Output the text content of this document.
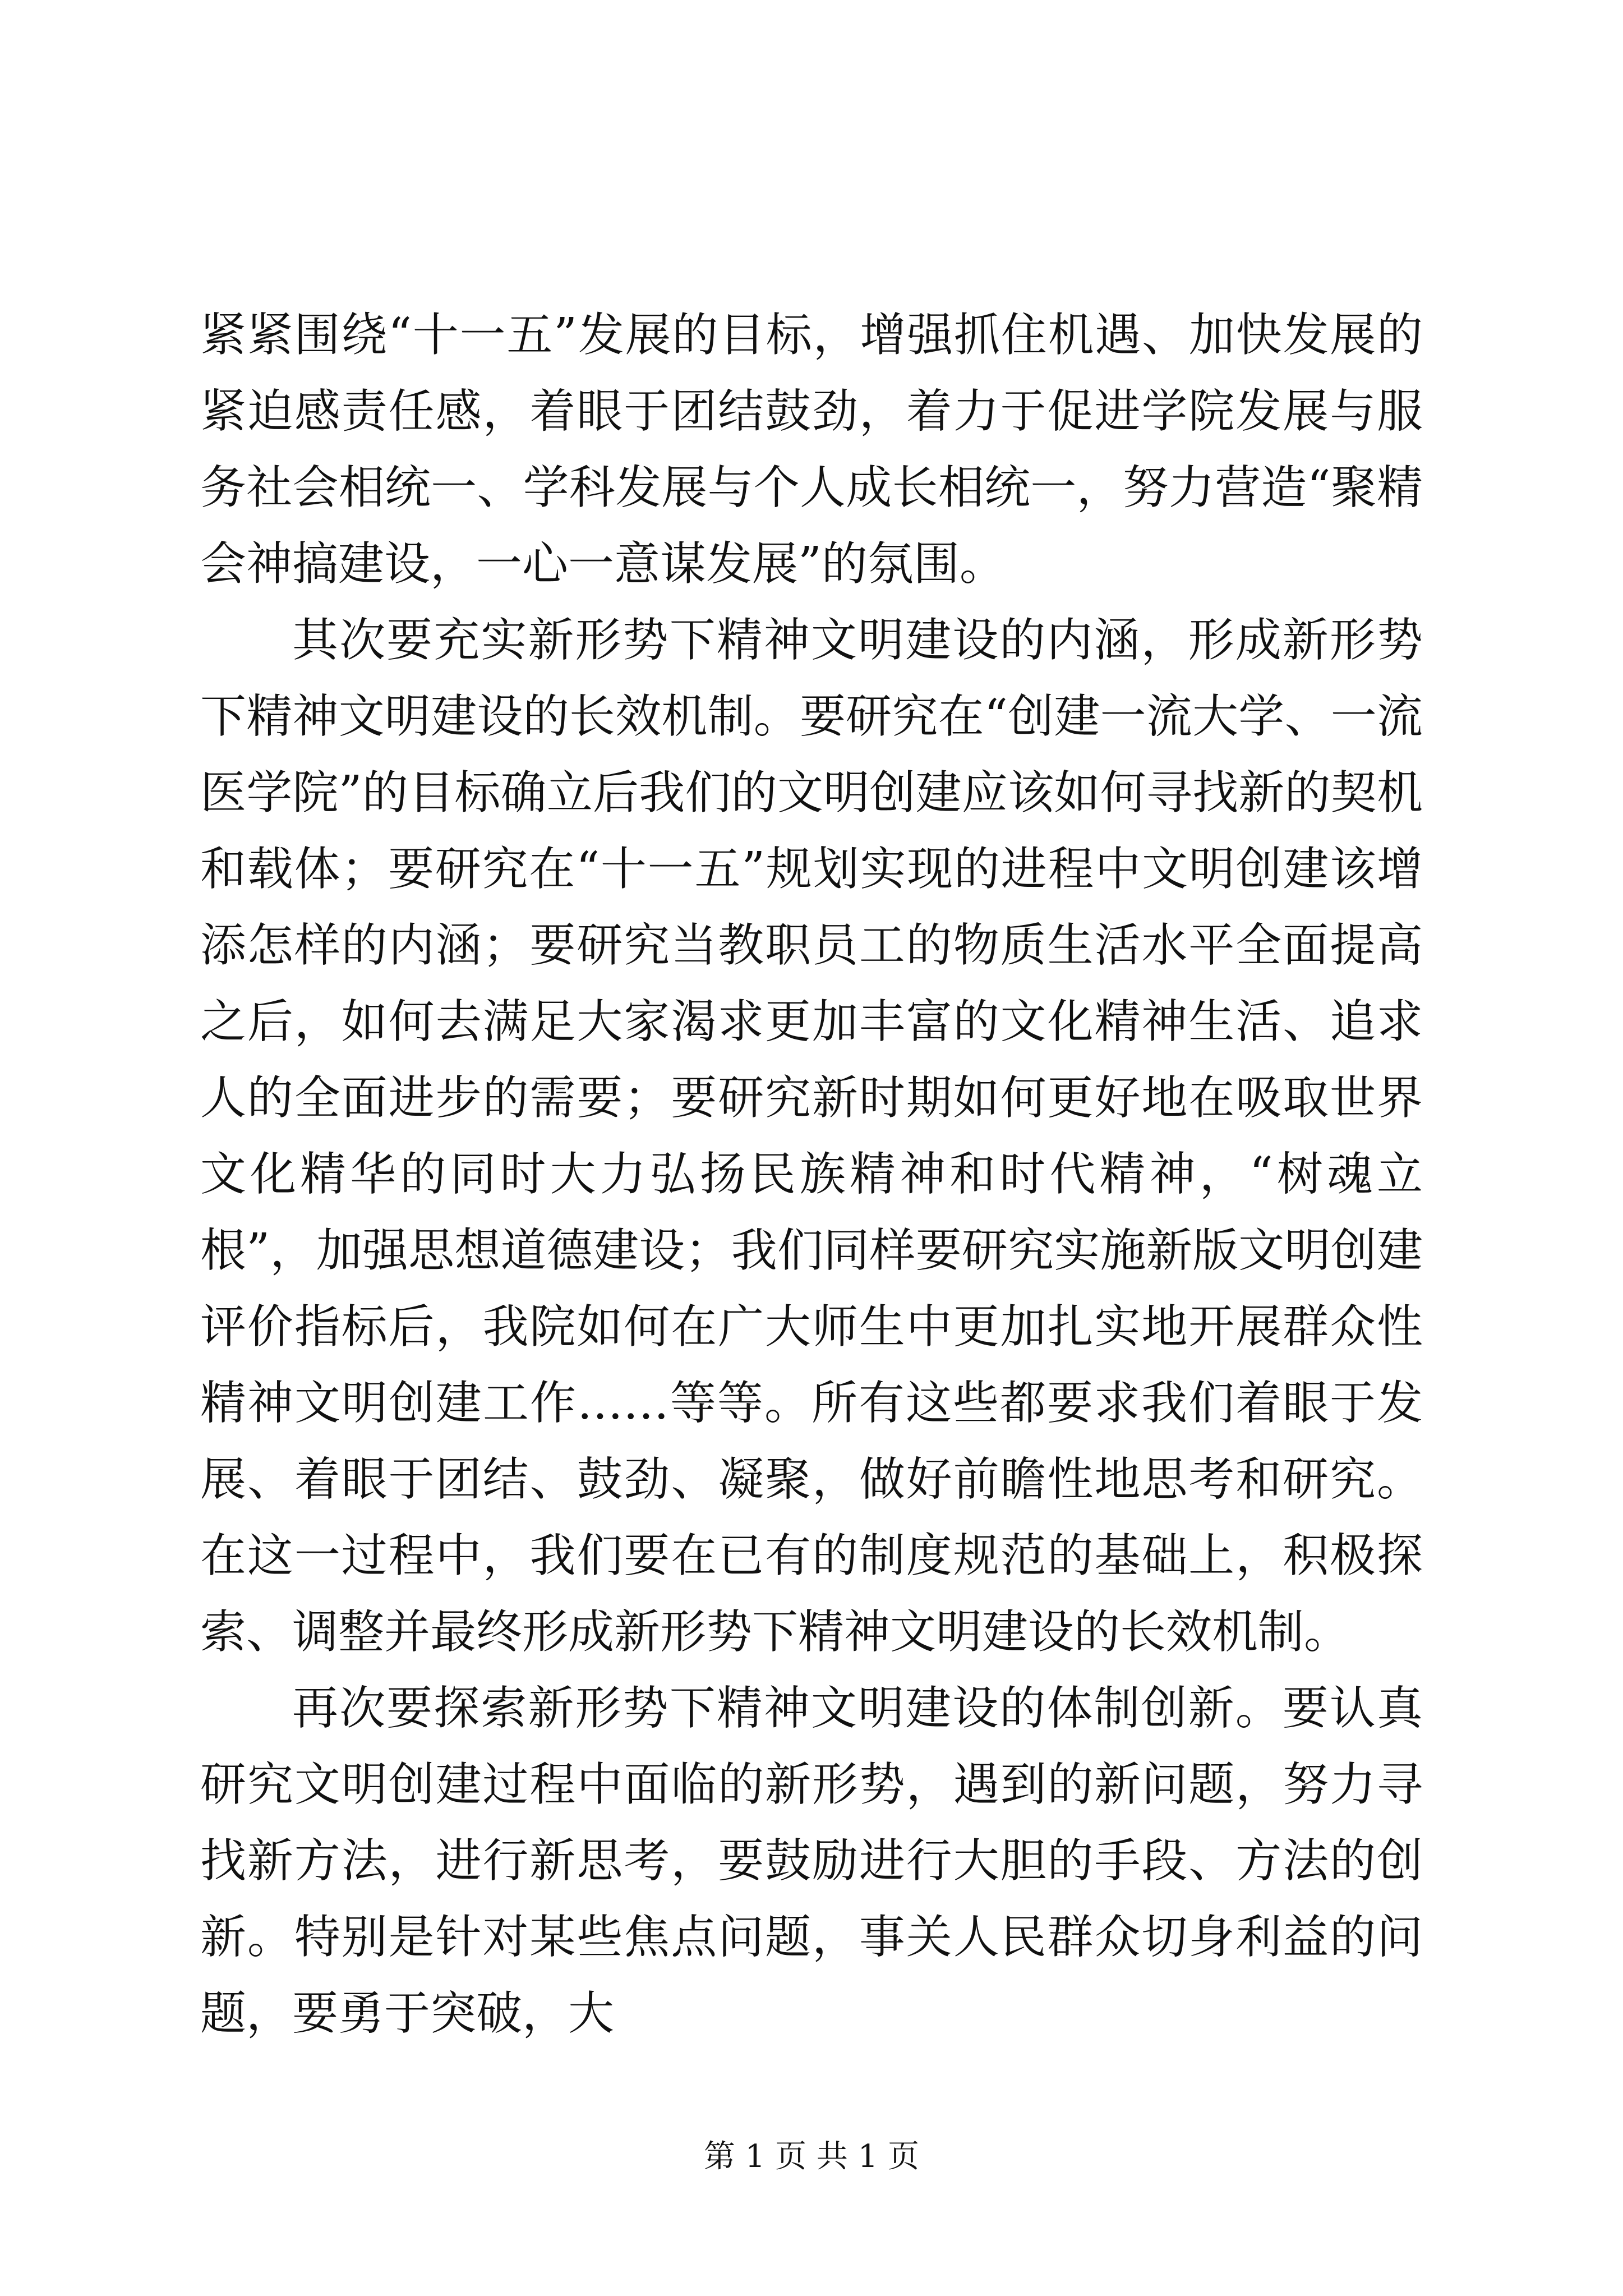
紧紧围绕“十一五”发展的目标，增强抓住机遇、加快发展的紧迫感责任感，着眼于团结鼓劲，着力于促进学院发展与服务社会相统一、学科发展与个人成长相统一，努力营造“聚精会神搞建设，一心一意谋发展”的氛围。

其次要充实新形势下精神文明建设的内涵，形成新形势下精神文明建设的长效机制。要研究在“创建一流大学、一流医学院”的目标确立后我们的文明创建应该如何寻找新的契机和载体；要研究在“十一五”规划实现的进程中文明创建该增添怎样的内涵；要研究当教职员工的物质生活水平全面提高之后，如何去满足大家渴求更加丰富的文化精神生活、追求人的全面进步的需要；要研究新时期如何更好地在吸取世界文化精华的同时大力弘扬民族精神和时代精神，“树魂立根”，加强思想道德建设；我们同样要研究实施新版文明创建评价指标后，我院如何在广大师生中更加扎实地开展群众性精神文明创建工作……等等。所有这些都要求我们着眼于发展、着眼于团结、鼓劲、凝聚，做好前瞻性地思考和研究。在这一过程中，我们要在已有的制度规范的基础上，积极探索、调整并最终形成新形势下精神文明建设的长效机制。

再次要探索新形势下精神文明建设的体制创新。要认真研究文明创建过程中面临的新形势，遇到的新问题，努力寻找新方法，进行新思考，要鼓励进行大胆的手段、方法的创新。特别是针对某些焦点问题，事关人民群众切身利益的问题，要勇于突破，大

第 1 页 共 1 页
